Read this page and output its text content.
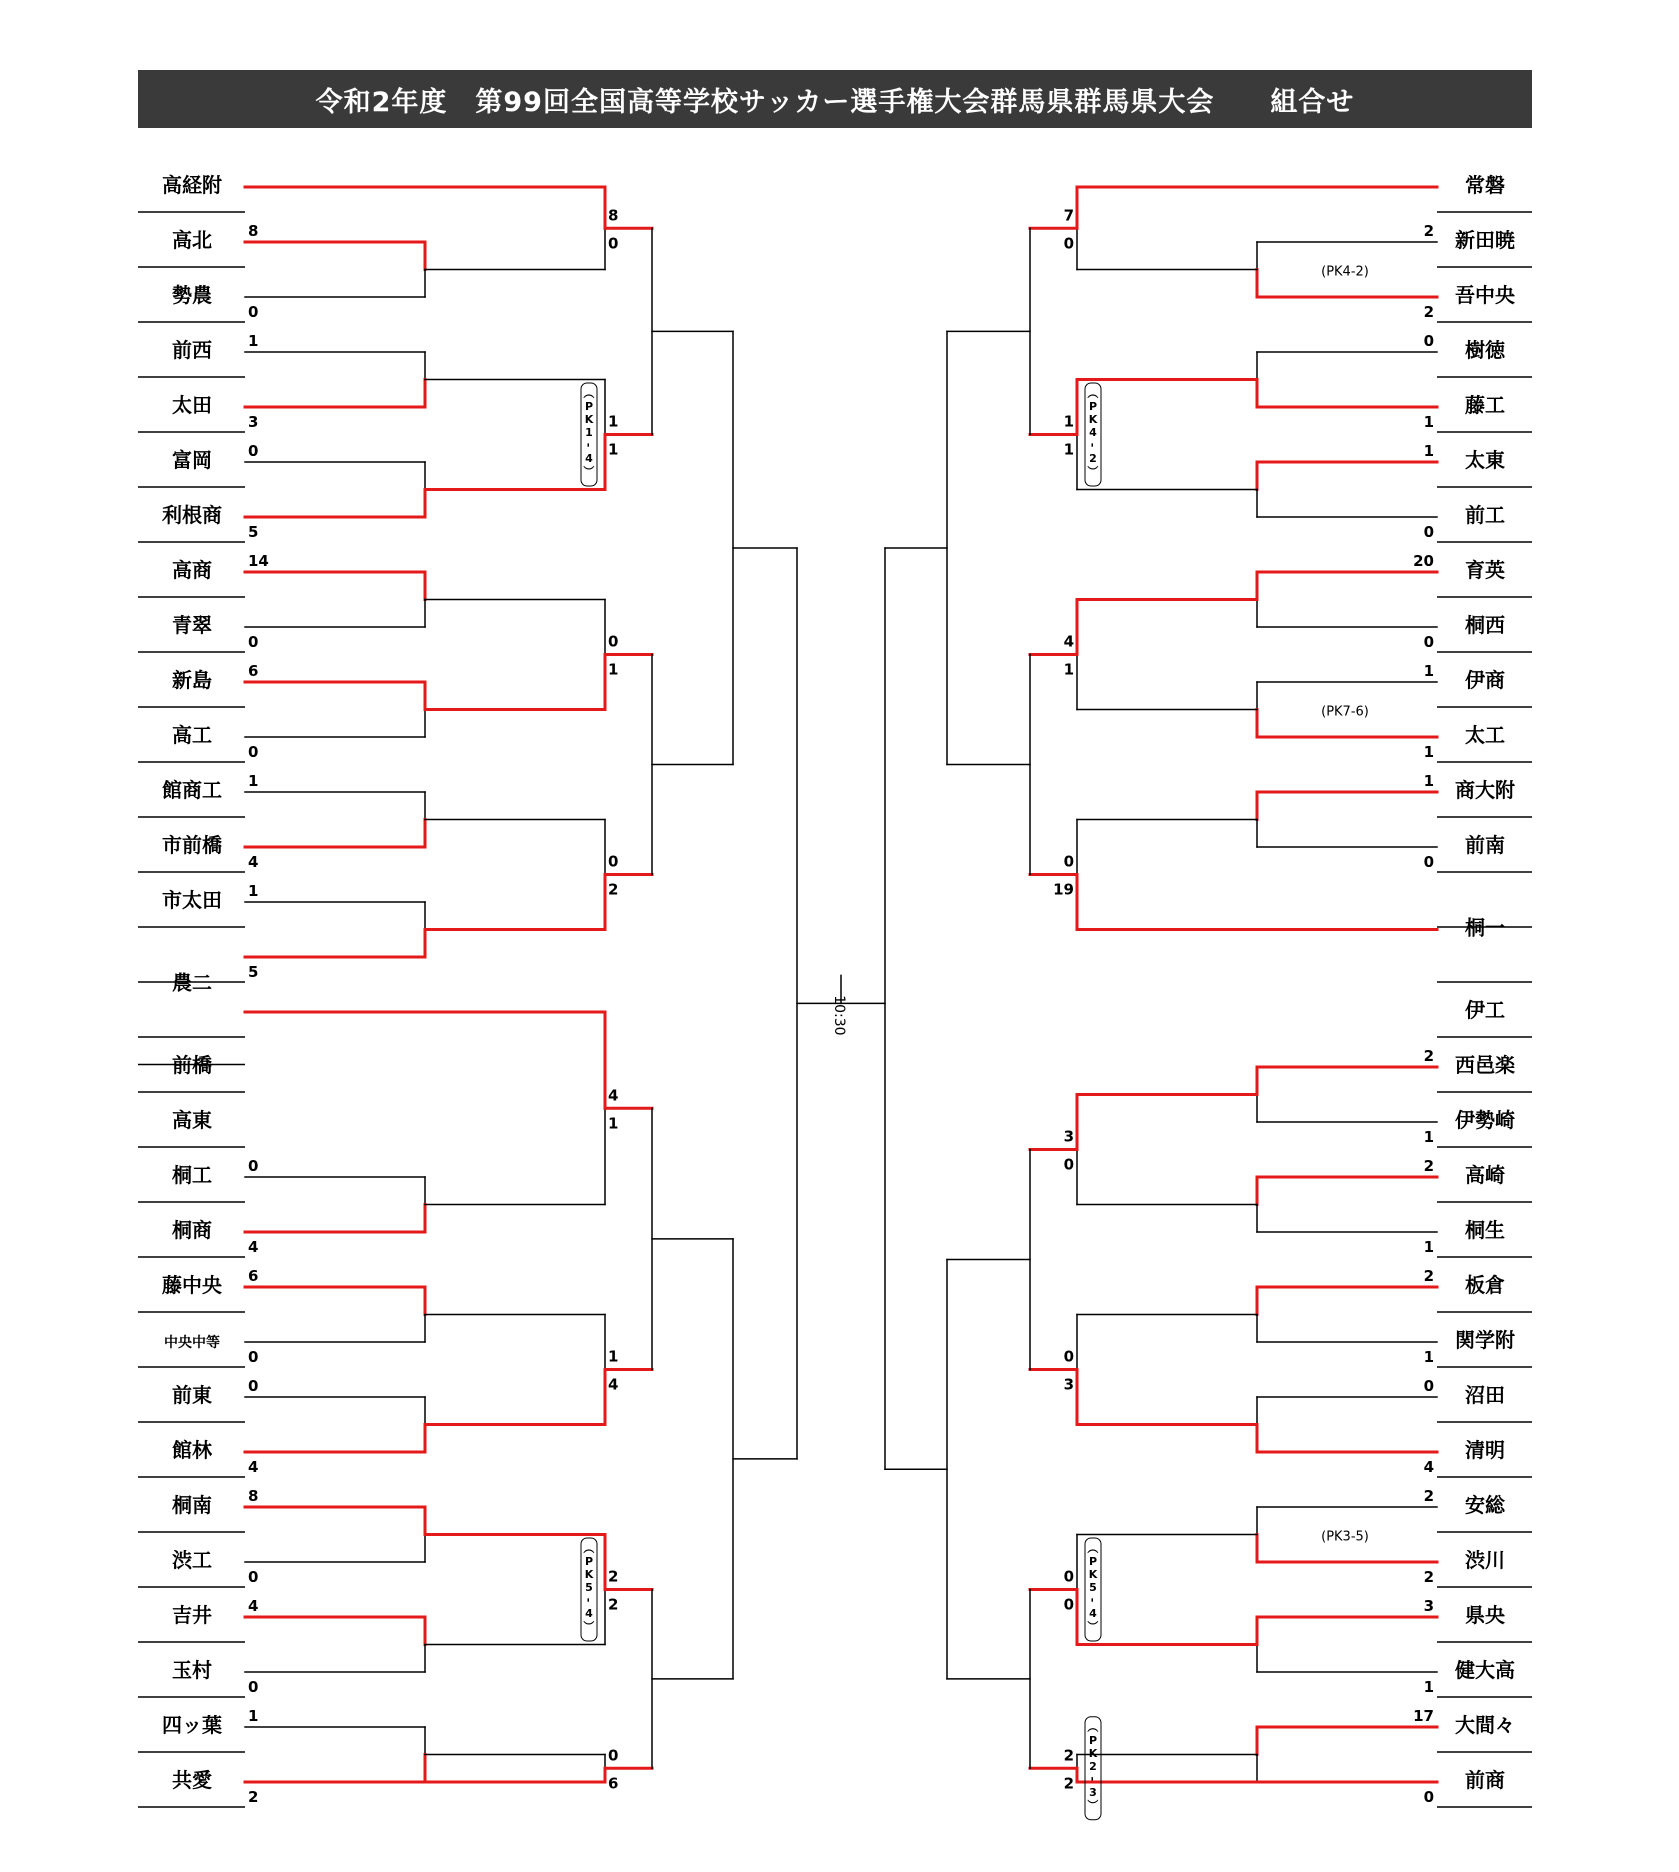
令和2年度　第99回全国高等学校サッカー選手権大会群馬県群馬県大会　　組合せ
高経附
高北
勢農
前西
太田
富岡
利根商
高商
青翠
新島
高工
館商工
市前橋
市太田
農二
前橋
高東
桐工
桐商
藤中央
中央中等
前東
館林
桐南
渋工
吉井
玉村
四ッ葉
共愛
常磐
新田暁
吾中央
樹徳
藤工
太東
前工
育英
桐西
伊商
太工
商大附
前南
桐一
伊工
西邑楽
伊勢崎
高崎
桐生
板倉
関学附
沼田
清明
安総
渋川
県央
健大高
大間々
前商
10:30
8
0
1
3
0
5
14
0
6
0
1
4
1
5
0
4
6
0
0
4
8
0
4
0
1
2
2
2
0
1
1
0
20
0
1
1
1
0
2
1
2
1
2
1
0
4
2
2
3
1
17
0
8
0
1
1
0
1
0
2
4
1
1
4
2
2
0
6
7
0
1
1
4
1
0
19
3
0
0
3
0
0
2
2
(PK4-2)
(PK7-6)
(PK3-5)
（
P
K
1
-
4
）
（
P
K
5
-
4
）
（
P
K
4
-
2
）
（
P
K
5
-
4
）
（
P
K
2
-
3
）
